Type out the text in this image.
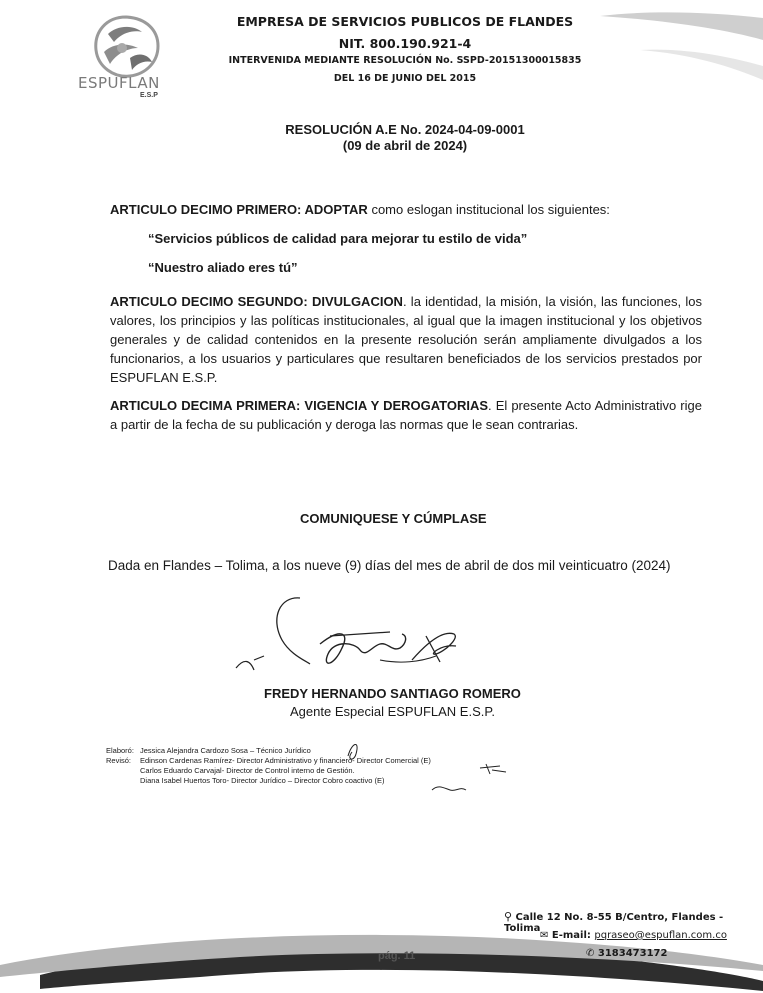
ESPUFLAN
E.S.P
EMPRESA DE SERVICIOS PUBLICOS DE FLANDES
NIT. 800.190.921-4
INTERVENIDA MEDIANTE RESOLUCIÓN No. SSPD-20151300015835
DEL 16 DE JUNIO DEL 2015
RESOLUCIÓN A.E No. 2024-04-09-0001
(09 de abril de 2024)
ARTICULO DECIMO PRIMERO: ADOPTAR como eslogan institucional los siguientes:
“Servicios públicos de calidad para mejorar tu estilo de vida”
“Nuestro aliado eres tú”
ARTICULO DECIMO SEGUNDO: DIVULGACION. la identidad, la misión, la visión, las funciones, los valores, los principios y las políticas institucionales, al igual que la imagen institucional y los objetivos generales y de calidad contenidos en la presente resolución serán ampliamente divulgados a los funcionarios, a los usuarios y particulares que resultaren beneficiados de los servicios prestados por ESPUFLAN E.S.P.
ARTICULO DECIMA PRIMERA: VIGENCIA Y DEROGATORIAS. El presente Acto Administrativo rige a partir de la fecha de su publicación y deroga las normas que le sean contrarias.
COMUNIQUESE Y CÚMPLASE
Dada en Flandes – Tolima, a los nueve (9) días del mes de abril de dos mil veinticuatro (2024)
FREDY HERNANDO SANTIAGO ROMERO
Agente Especial ESPUFLAN E.S.P.
Elaboró: Jessica Alejandra Cardozo Sosa – Técnico Jurídico
Revisó: Edinson Cardenas Ramírez- Director Administrativo y financiero- Director Comercial (E)
Carlos Eduardo Carvajal- Director de Control interno de Gestión.
Diana Isabel Huertos Toro- Director Jurídico – Director Cobro coactivo (E)
⚲ Calle 12 No. 8-55 B/Centro, Flandes - Tolima
✉ E-mail: pqraseo@espuflan.com.co
✆ 3183473172
pág. 11
